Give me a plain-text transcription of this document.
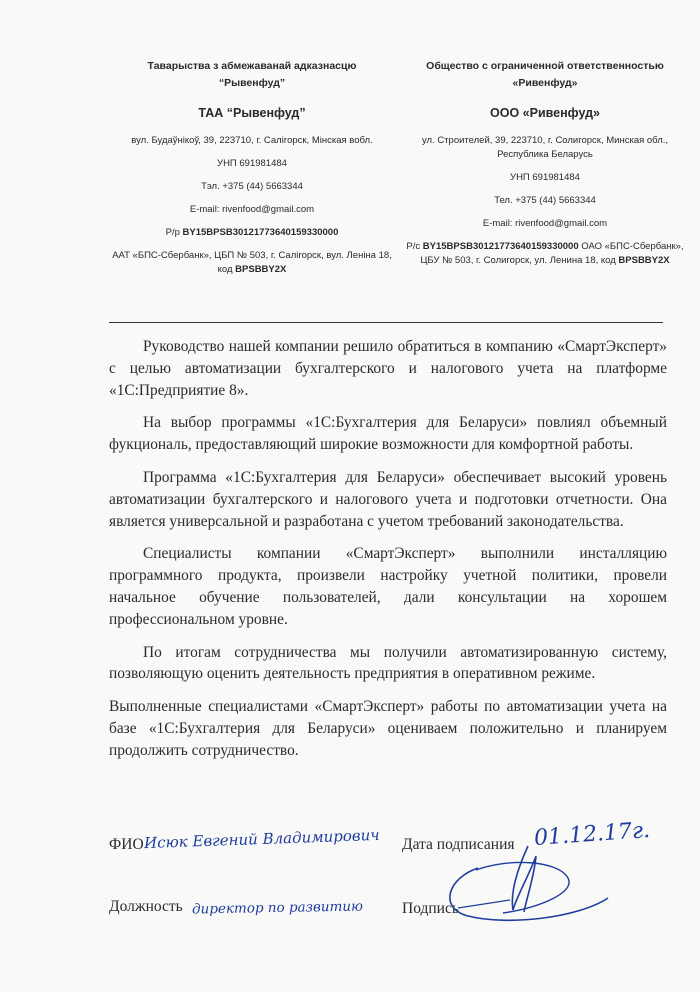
Таварыства з абмежаванай адказнасцю
“Рывенфуд”
ТАА “Рывенфуд”
вул. Будаўнiкоў, 39, 223710, г. Салiгорск, Мiнская вобл.
УНП 691981484
Тэл. +375 (44) 5663344
E-mail: rivenfood@gmail.com
Р/р BY15BPSB30121773640159330000
ААТ «БПС-Сбербанк», ЦБП № 503, г. Салiгорск, вул. Ленiна 18, код BPSBBY2X
Общество с ограниченной ответственностью
«Ривенфуд»
ООО «Ривенфуд»
ул. Строителей, 39, 223710, г. Солигорск, Минская обл., Республика Беларусь
УНП 691981484
Тел. +375 (44) 5663344
E-mail: rivenfood@gmail.com
Р/с BY15BPSB30121773640159330000 ОАО «БПС-Сбербанк», ЦБУ № 503, г. Солигорск, ул. Ленина 18, код BPSBBY2X

Руководство нашей компании решило обратиться в компанию «СмартЭксперт» с целью автоматизации бухгалтерского и налогового учета на платформе «1С:Предприятие 8».

На выбор программы «1С:Бухгалтерия для Беларуси» повлиял объемный фукциональ, предоставляющий широкие возможности для комфортной работы.

Программа «1С:Бухгалтерия для Беларуси» обеспечивает высокий уровень автоматизации бухгалтерского и налогового учета и подготовки отчетности. Она является универсальной и разработана с учетом требований законодательства.

Специалисты компании «СмартЭксперт» выполнили инсталляцию программного продукта, произвели настройку учетной политики, провели начальное обучение пользователей, дали консультации на хорошем профессиональном уровне.

По итогам сотрудничества мы получили автоматизированную систему, позволяющую оценить деятельность предприятия в оперативном режиме.

Выполненные специалистами «СмартЭксперт» работы по автоматизации учета на базе «1С:Бухгалтерия для Беларуси» оцениваем положительно и планируем продолжить сотрудничество.

ФИО Исюк Евгений Владимирович Дата подписания 01.12.17г.
Должность директор по развитию	Подпись
